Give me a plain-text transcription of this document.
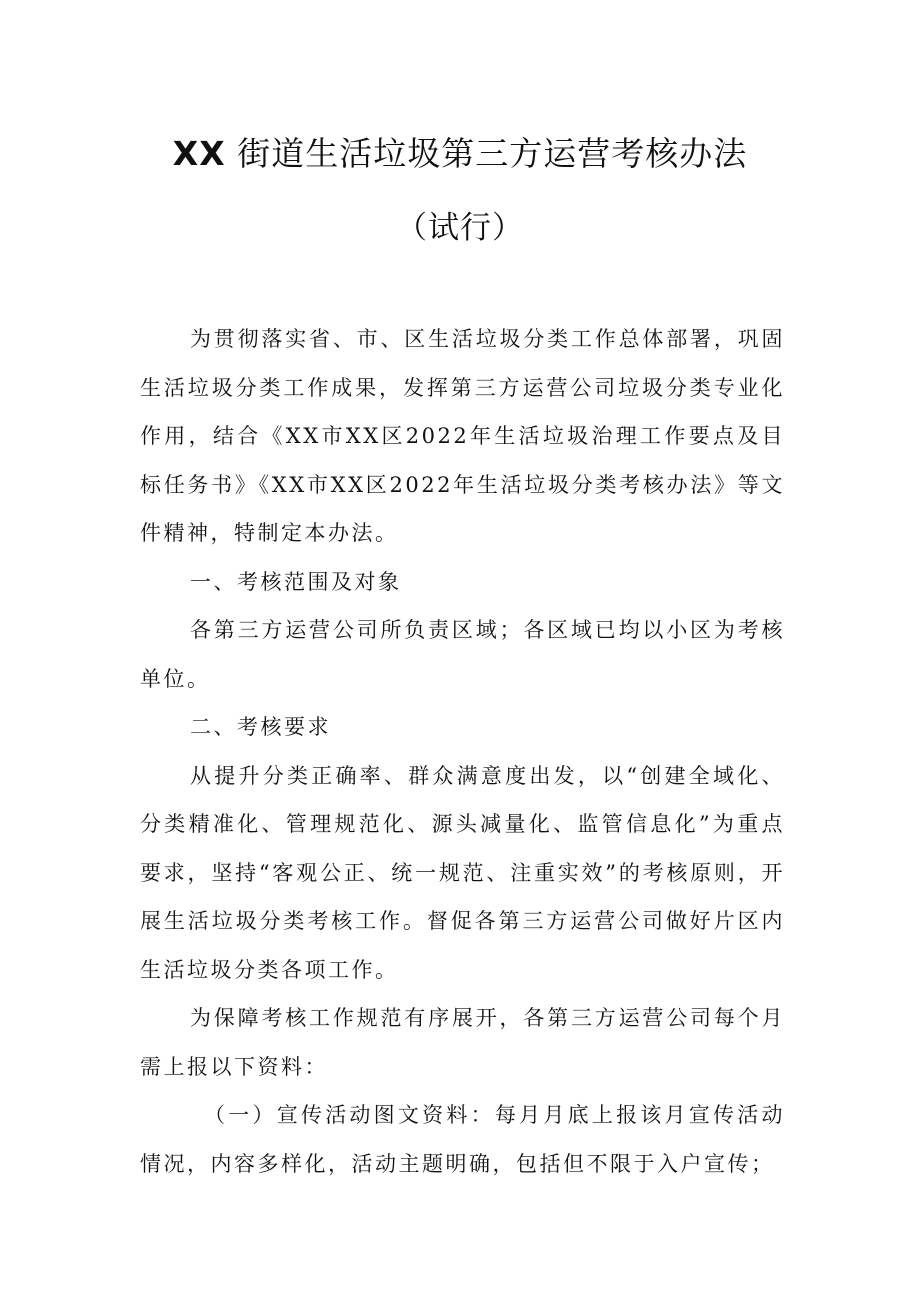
XX 街道生活垃圾第三方运营考核办法
（试行）

为贯彻落实省、市、区生活垃圾分类工作总体部署，巩固生活垃圾分类工作成果，发挥第三方运营公司垃圾分类专业化作用，结合《XX市XX区2022年生活垃圾治理工作要点及目标任务书》《XX市XX区2022年生活垃圾分类考核办法》等文件精神，特制定本办法。

一、考核范围及对象

各第三方运营公司所负责区域；各区域已均以小区为考核单位。

二、考核要求

从提升分类正确率、群众满意度出发，以“创建全域化、分类精准化、管理规范化、源头减量化、监管信息化”为重点要求，坚持“客观公正、统一规范、注重实效”的考核原则，开展生活垃圾分类考核工作。督促各第三方运营公司做好片区内生活垃圾分类各项工作。

为保障考核工作规范有序展开，各第三方运营公司每个月需上报以下资料：

（一）宣传活动图文资料：每月月底上报该月宣传活动情况，内容多样化，活动主题明确，包括但不限于入户宣传；
